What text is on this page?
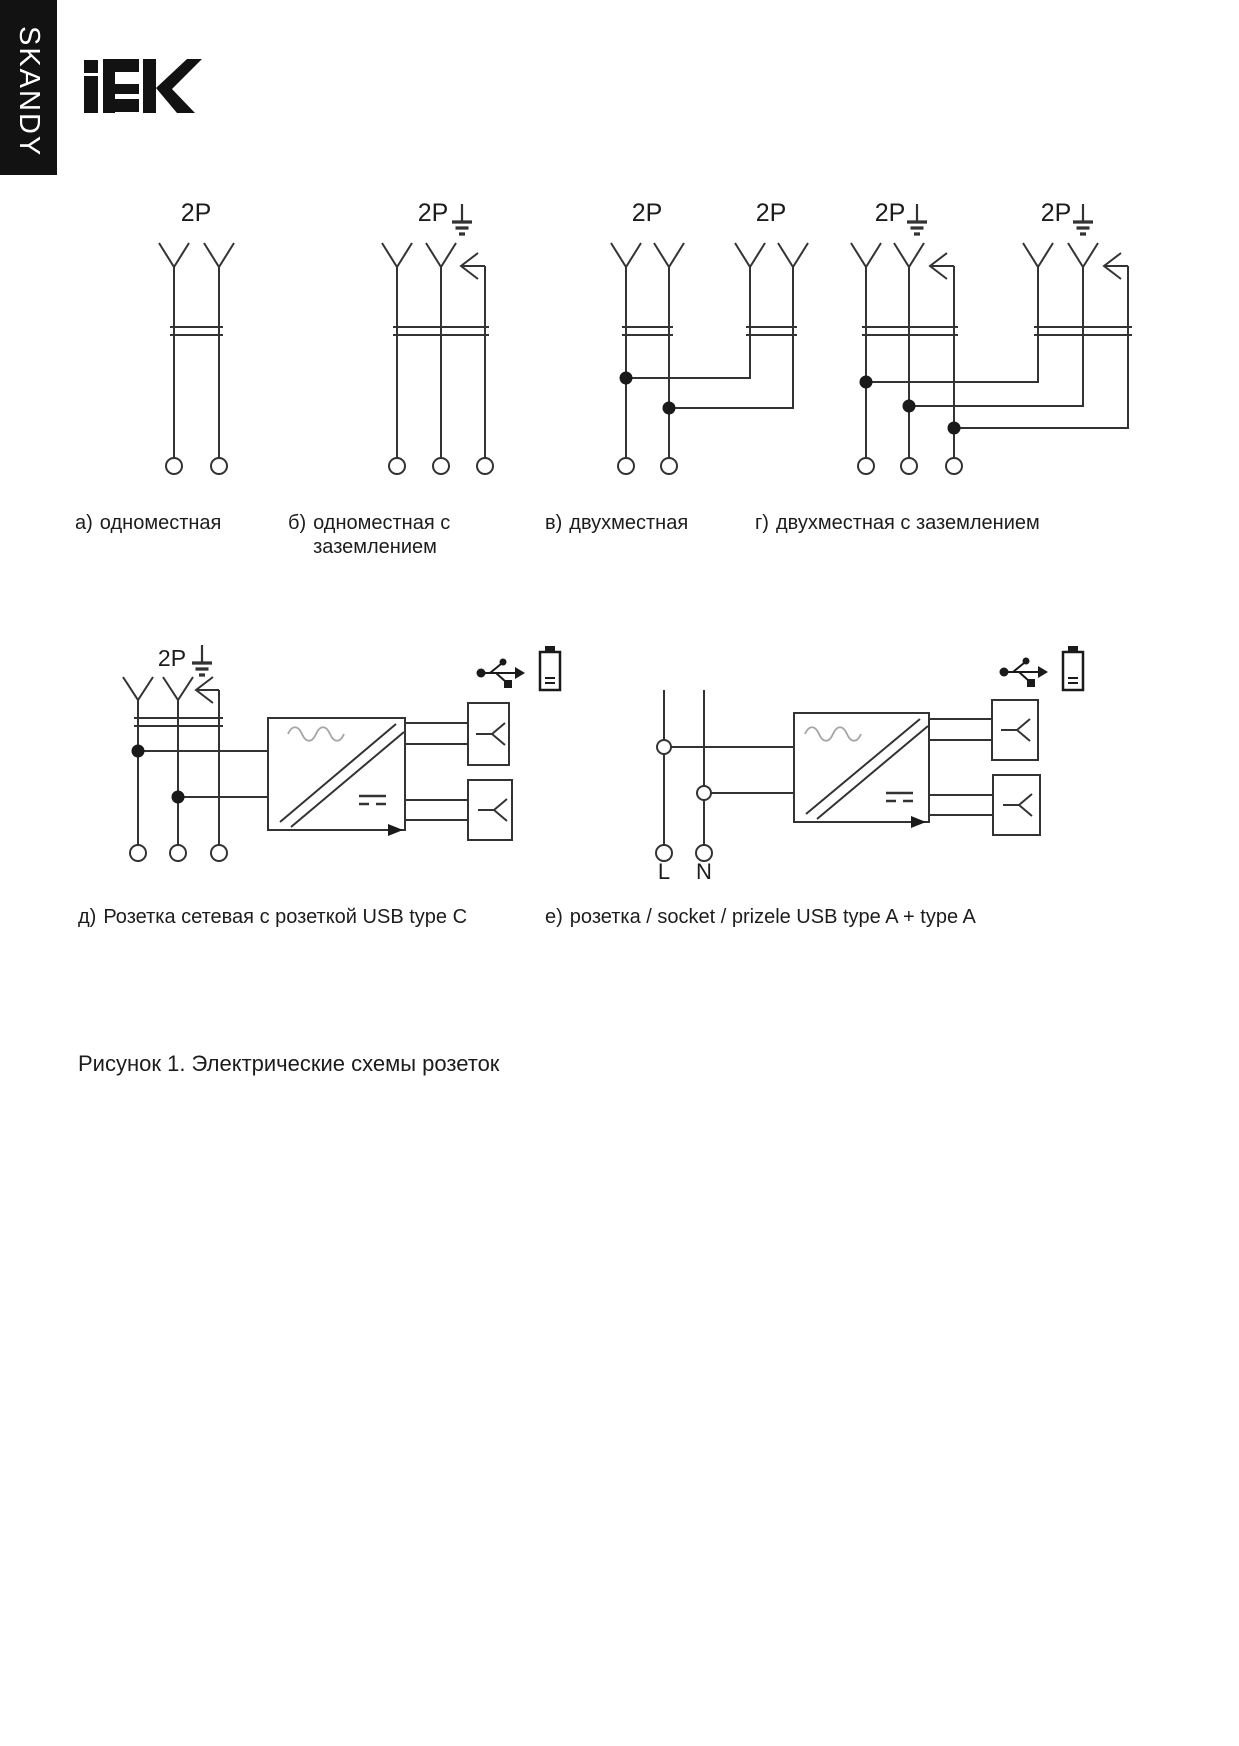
SKANDY
2P	2P	2P	2P	2P	2P
2P
L N
а) одноместная	б) одноместная с заземлением
в) двухместная	г) двухместная с заземлением
д) Розетка сетевая с розеткой USB type C	е) розетка / socket / prizele USB type A + type A
Рисунок 1. Электрические схемы розеток
